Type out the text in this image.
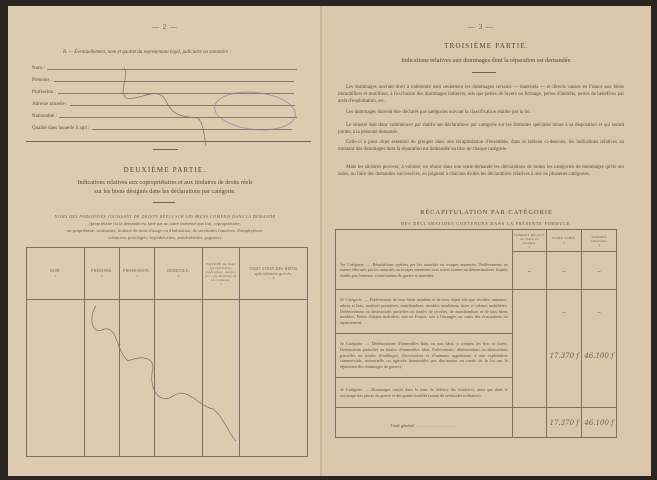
— 2 —
B. — Éventuellement, nom et qualité du représentant légal, judiciaire ou statutaire :
Nom :
Prénoms :
Profession :
Adresse actuelle :
Nationalité :
Qualité dans laquelle il agit :
DEUXIÈME PARTIE.
Indications relatives aux copropriétaires et aux titulaires de droits réels
sur les biens désignés dans les déclarations par catégorie.
NOMS DES PERSONNES JOUISSANT DE DROITS RÉELS SUR LES BIENS COMPRIS DANS LA DEMANDE
(propriétaire [si la demande est faite par un autre intéressé que lui], copropriétaire,
nu-propriétaire, usufruitier, titulaire de droit d'usage ou d'habitation, de servitudes foncières, d'emphytéose,
créanciers privilégiés, hypothécaires, antichrésistes, gagistes).
NOM.
1

PRÉNOMS.
2

PROFESSION.
3

DOMICILE.
4

NATURE du droit (propriétaire, usufruitier, usager, etc., ou montant de la créance).
5

INDICATION DES BIENS spécialement grevés.
6

— 3 —
TROISIÈME PARTIE.
Indications relatives aux dommages dont la réparation est demandée.
Les dommages ouvrant droit à indemnité sont seulement les dommages certains — matériels — et directs causés en France aux biens immobiliers et mobiliers, à l'exclusion des dommages indirects, tels que pertes de loyers ou fermage, pertes d'intérêts, pertes de bénéfices par arrêt d'exploitation, etc.
Les dommages doivent être déclarés par catégories suivant la classification établie par la loi.
Le sinistré doit donc commencer par établir ses déclarations par catégorie sur les formules spéciales mises à sa disposition et qui seront jointes à la présente demande.
Celle-ci a pour objet essentiel de grouper dans une récapitulation d'ensemble, dans le tableau ci-dessous, les indications relatives au montant des dommages dont la réparation est demandée au titre de chaque catégorie.
Mais les sinistrés peuvent, à volonté, ou réunir dans une seule demande les déclarations de toutes les catégories de dommages qu'ils ont subis, ou faire des demandes successives, en joignant à chacune d'elles les déclarations relatives à une ou plusieurs catégories.
RÉCAPITULATION PAR CATÉGORIE
DES DÉCLARATIONS CONTENUES DANS LA PRÉSENTE FORMULE.

SOMMES REÇUES de l'autorité ennemie.
1

PERTE SUBIE.
2

SOMMES demandées.
3

1re Catégorie. — Réquisitions opérées par les autorités ou troupes ennemies. Prélèvements en nature effectués par les autorités ou troupes ennemies sous toutes formes ou dénominations. Impôts établis par l'ennemi, contributions de guerre et amendes.	–	–	–

2e Catégorie. — Enlèvements de tous biens meubles et de tous objets tels que récoltes, animaux, arbres et bois, matières premières, marchandises, meubles meublants, titres et valeurs mobilières. Détériorations ou destructions partielles ou totales de récoltes, de marchandises et de tous biens meubles. Pertes d'objets mobiliers, soit en France, soit à l'étranger, au cours des évacuations ou rapatriement.		–	–

3e Catégorie. — Détériorations d'immeubles bâtis ou non bâtis, y compris les bois et forêts. Destructions partielles ou totales d'immeubles bâtis. Enlèvements, détériorations ou destructions partielles ou totales d'outillages, d'accessoires et d'animaux appartenant à une exploitation commerciale, industrielle ou agricole (immeubles par destination ou rurale de la loi sur la réparation des dommages de guerre).		17.370 f	46.100 f

4e Catégorie. — Dommages causés dans la zone de défense des frontières, ainsi que dans le voisinage des places de guerre et des points fortifiés (zones de servitudes militaires).			

Total général ..........................................		17.370 f	46.100 f
